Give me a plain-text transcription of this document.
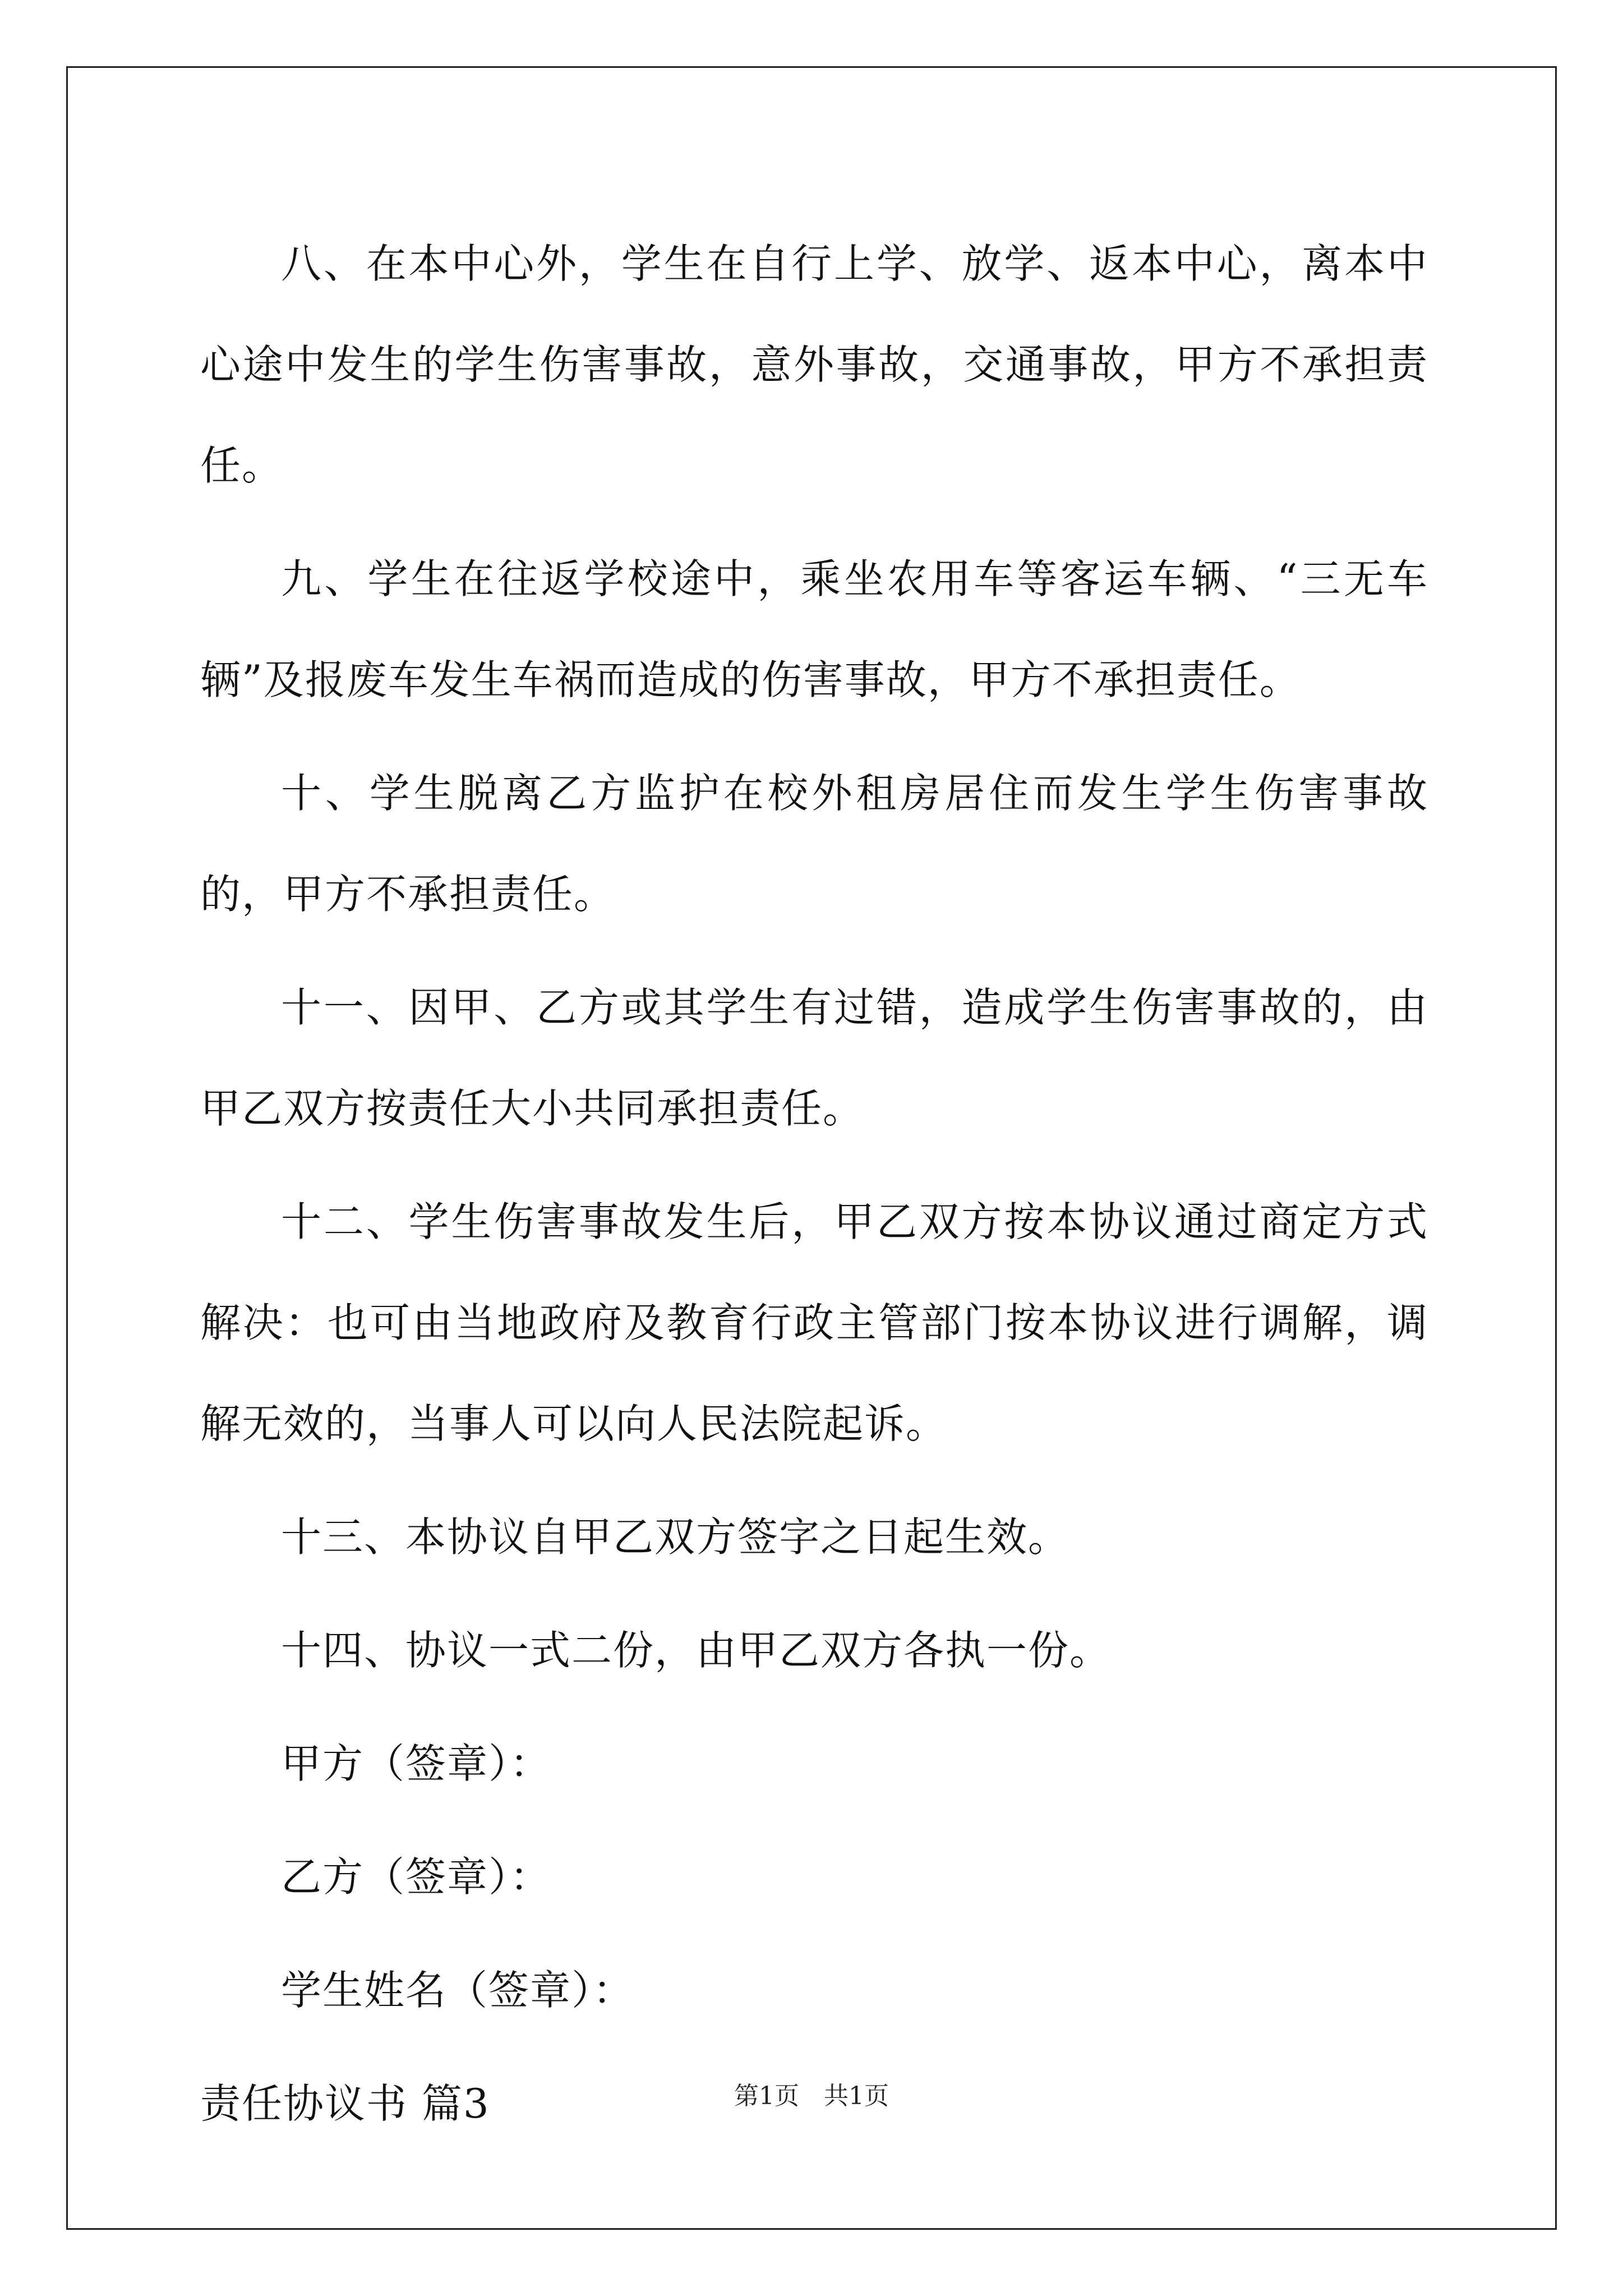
八、在本中心外，学生在自行上学、放学、返本中心，离本中心途中发生的学生伤害事故，意外事故，交通事故，甲方不承担责任。

九、学生在往返学校途中，乘坐农用车等客运车辆、“三无车辆”及报废车发生车祸而造成的伤害事故，甲方不承担责任。

十、学生脱离乙方监护在校外租房居住而发生学生伤害事故的，甲方不承担责任。

十一、因甲、乙方或其学生有过错，造成学生伤害事故的，由甲乙双方按责任大小共同承担责任。

十二、学生伤害事故发生后，甲乙双方按本协议通过商定方式解决：也可由当地政府及教育行政主管部门按本协议进行调解，调解无效的，当事人可以向人民法院起诉。

十三、本协议自甲乙双方签字之日起生效。

十四、协议一式二份，由甲乙双方各执一份。

甲方（签章）：

乙方（签章）：

学生姓名（签章）：

责任协议书 篇3	第1页　共1页
